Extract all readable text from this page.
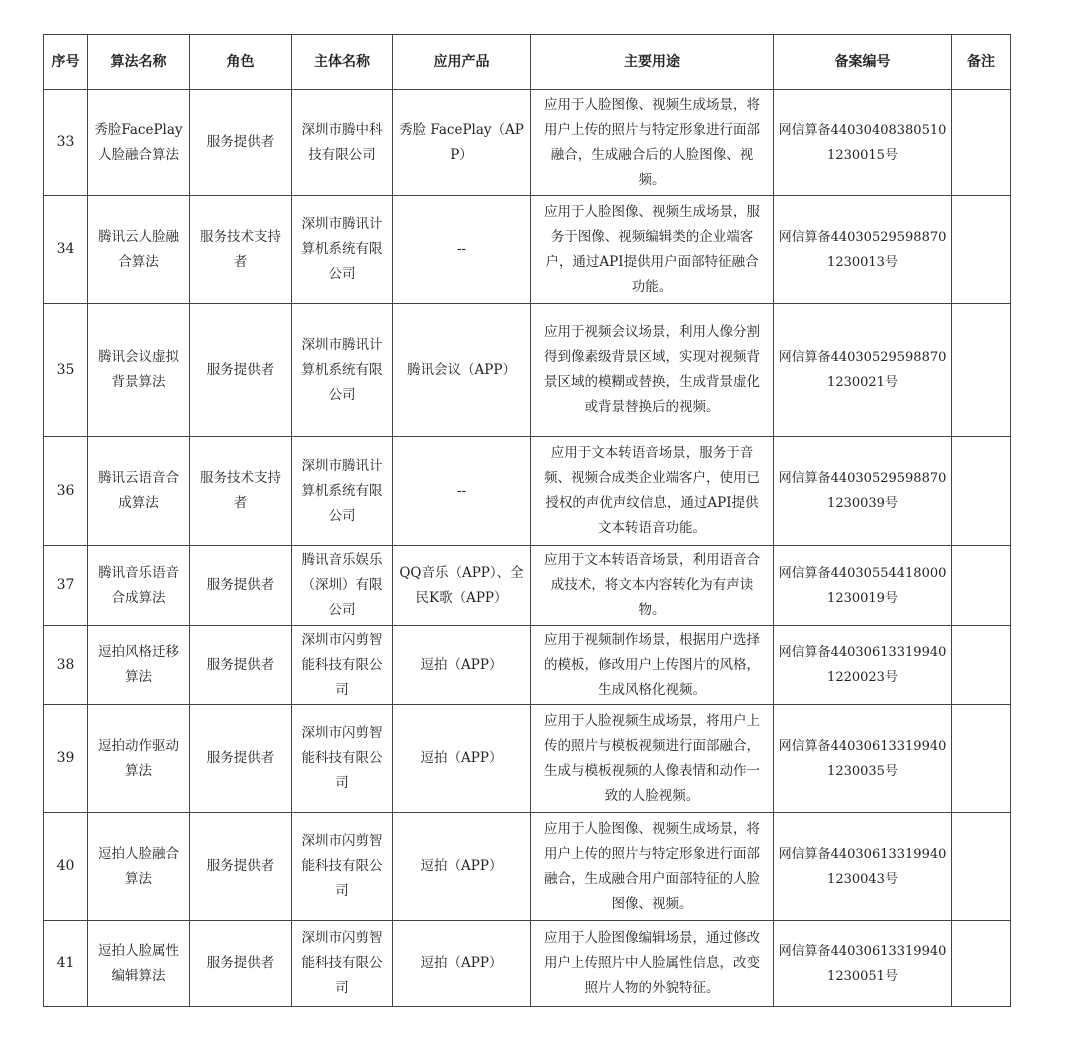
序号	算法名称	角色	主体名称	应用产品	主要用途	备案编号	备注
33	秀脸FacePlay人脸融合算法	服务提供者	深圳市腾中科技有限公司	秀脸 FacePlay（APP）	应用于人脸图像、视频生成场景，将用户上传的照片与特定形象进行面部融合，生成融合后的人脸图像、视频。	网信算备440304083805101230015号	
34	腾讯云人脸融合算法	服务技术支持者	深圳市腾讯计算机系统有限公司	--	应用于人脸图像、视频生成场景，服务于图像、视频编辑类的企业端客户，通过API提供用户面部特征融合功能。	网信算备440305295988701230013号	
35	腾讯会议虚拟背景算法	服务提供者	深圳市腾讯计算机系统有限公司	腾讯会议（APP）	应用于视频会议场景，利用人像分割得到像素级背景区域，实现对视频背景区域的模糊或替换，生成背景虚化或背景替换后的视频。	网信算备440305295988701230021号	
36	腾讯云语音合成算法	服务技术支持者	深圳市腾讯计算机系统有限公司	--	应用于文本转语音场景，服务于音频、视频合成类企业端客户，使用已授权的声优声纹信息，通过API提供文本转语音功能。	网信算备440305295988701230039号	
37	腾讯音乐语音合成算法	服务提供者	腾讯音乐娱乐（深圳）有限公司	QQ音乐（APP）、全民K歌（APP）	应用于文本转语音场景，利用语音合成技术，将文本内容转化为有声读物。	网信算备440305544180001230019号	
38	逗拍风格迁移算法	服务提供者	深圳市闪剪智能科技有限公司	逗拍（APP）	应用于视频制作场景，根据用户选择的模板，修改用户上传图片的风格，生成风格化视频。	网信算备440306133199401220023号	
39	逗拍动作驱动算法	服务提供者	深圳市闪剪智能科技有限公司	逗拍（APP）	应用于人脸视频生成场景，将用户上传的照片与模板视频进行面部融合，生成与模板视频的人像表情和动作一致的人脸视频。	网信算备440306133199401230035号	
40	逗拍人脸融合算法	服务提供者	深圳市闪剪智能科技有限公司	逗拍（APP）	应用于人脸图像、视频生成场景，将用户上传的照片与特定形象进行面部融合，生成融合用户面部特征的人脸图像、视频。	网信算备440306133199401230043号	
41	逗拍人脸属性编辑算法	服务提供者	深圳市闪剪智能科技有限公司	逗拍（APP）	应用于人脸图像编辑场景，通过修改用户上传照片中人脸属性信息，改变照片人物的外貌特征。	网信算备440306133199401230051号	
